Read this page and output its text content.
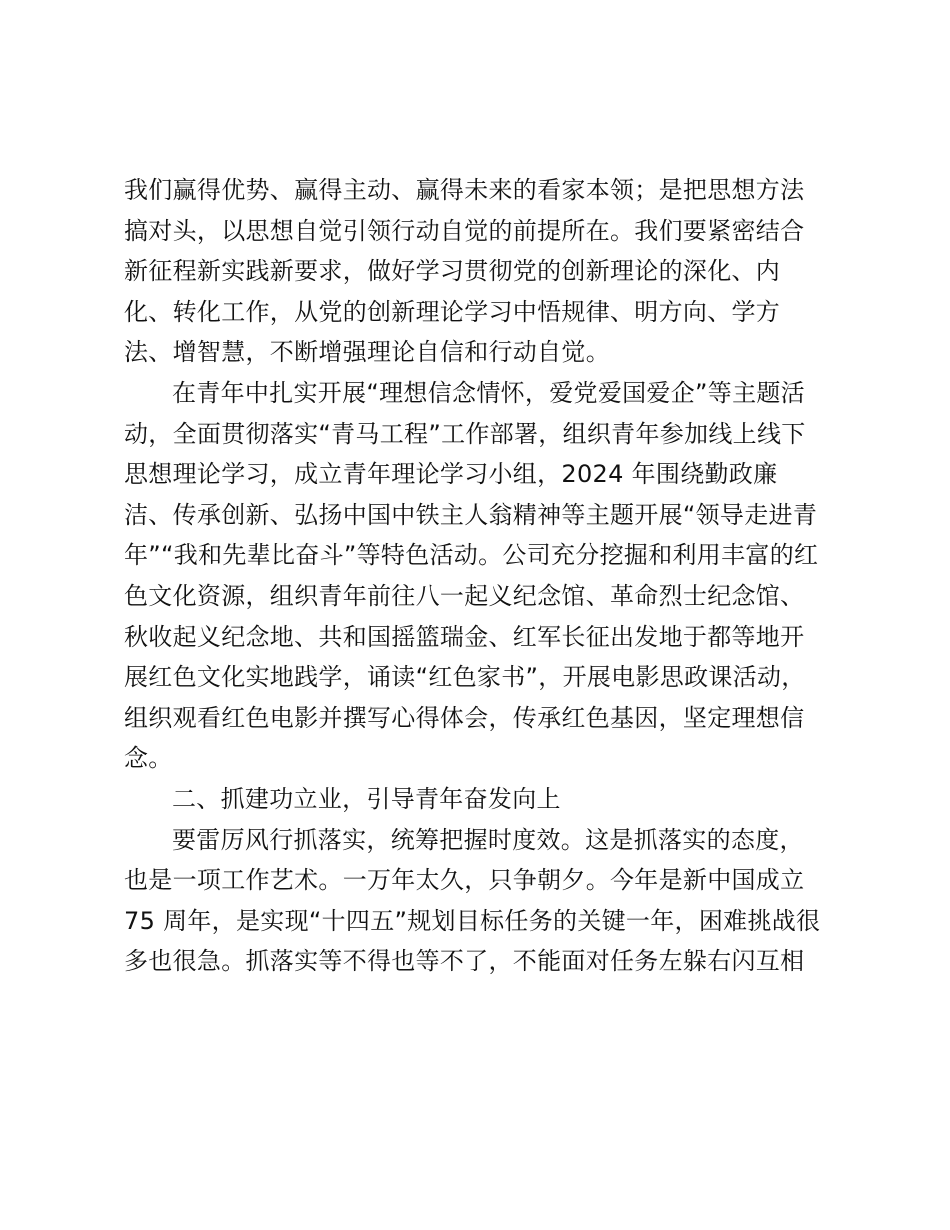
我们赢得优势、赢得主动、赢得未来的看家本领；是把思想方法
搞对头，以思想自觉引领行动自觉的前提所在。我们要紧密结合
新征程新实践新要求，做好学习贯彻党的创新理论的深化、内
化、转化工作，从党的创新理论学习中悟规律、明方向、学方
法、增智慧，不断增强理论自信和行动自觉。
在青年中扎实开展“理想信念情怀，爱党爱国爱企”等主题活
动，全面贯彻落实“青马工程”工作部署，组织青年参加线上线下
思想理论学习，成立青年理论学习小组，2024 年围绕勤政廉
洁、传承创新、弘扬中国中铁主人翁精神等主题开展“领导走进青
年”“我和先辈比奋斗”等特色活动。公司充分挖掘和利用丰富的红
色文化资源，组织青年前往八一起义纪念馆、革命烈士纪念馆、
秋收起义纪念地、共和国摇篮瑞金、红军长征出发地于都等地开
展红色文化实地践学，诵读“红色家书”，开展电影思政课活动，
组织观看红色电影并撰写心得体会，传承红色基因，坚定理想信
念。
二、抓建功立业，引导青年奋发向上
要雷厉风行抓落实，统筹把握时度效。这是抓落实的态度，
也是一项工作艺术。一万年太久，只争朝夕。今年是新中国成立
75 周年，是实现“十四五”规划目标任务的关键一年，困难挑战很
多也很急。抓落实等不得也等不了，不能面对任务左躲右闪互相
